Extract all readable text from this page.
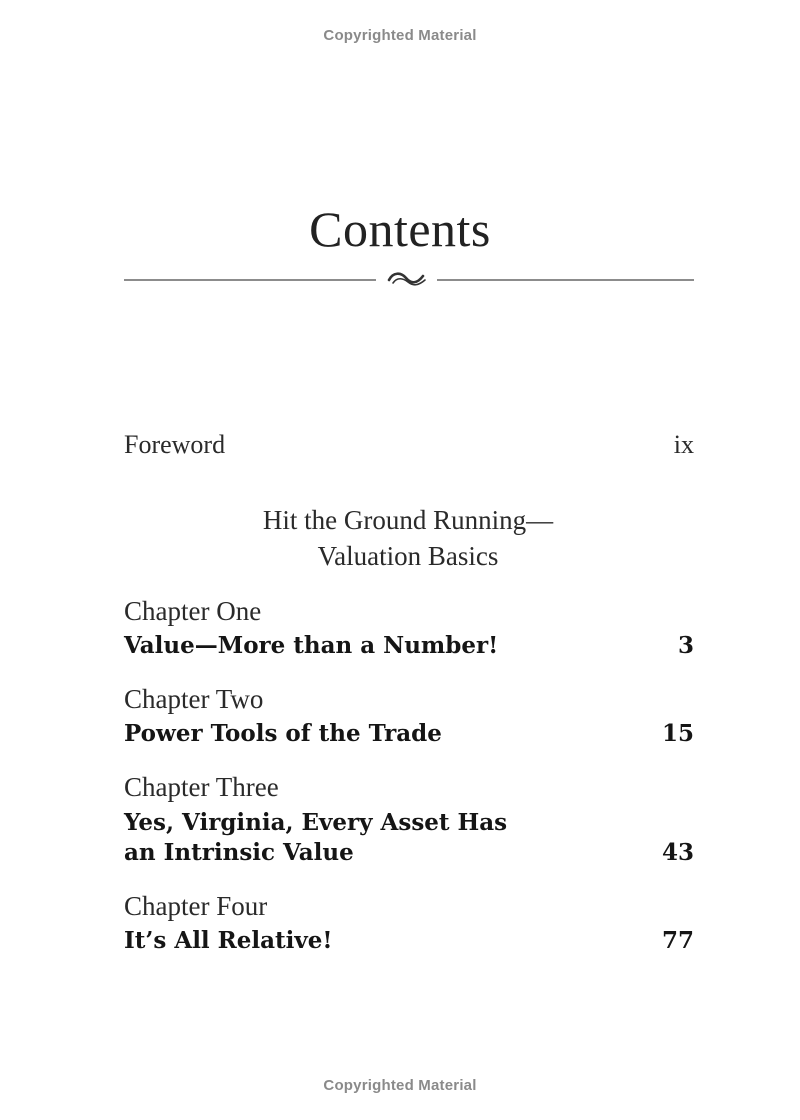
Copyrighted Material
Contents
Foreword	ix
Hit the Ground Running—
Valuation Basics
Chapter One
Value—More than a Number!	3
Chapter Two
Power Tools of the Trade	15
Chapter Three
Yes, Virginia, Every Asset Has
an Intrinsic Value	43
Chapter Four
It’s All Relative!	77
Copyrighted Material
